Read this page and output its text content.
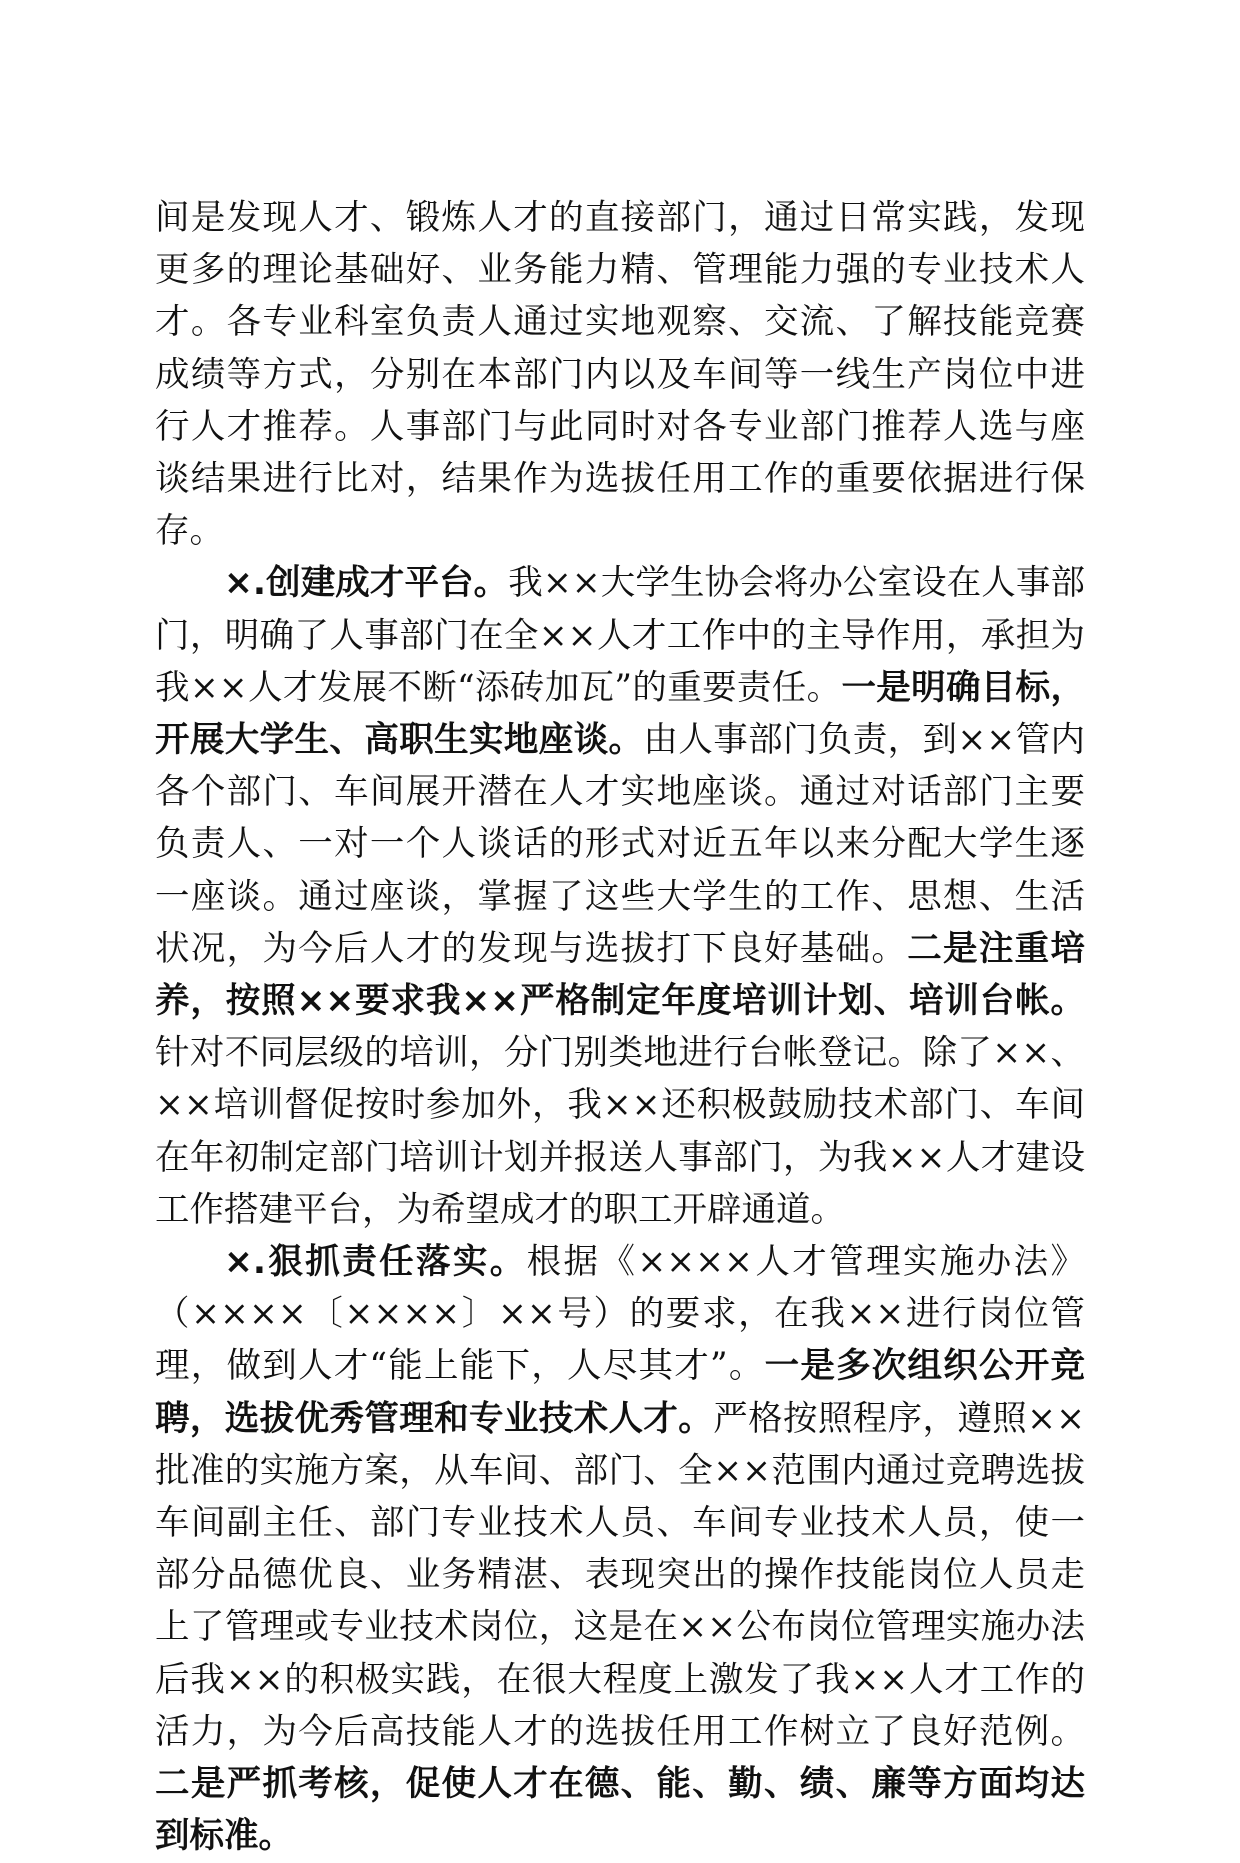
间是发现人才、锻炼人才的直接部门，通过日常实践，发现更多的理论基础好、业务能力精、管理能力强的专业技术人才。各专业科室负责人通过实地观察、交流、了解技能竞赛成绩等方式，分别在本部门内以及车间等一线生产岗位中进行人才推荐。人事部门与此同时对各专业部门推荐人选与座谈结果进行比对，结果作为选拔任用工作的重要依据进行保存。

×.创建成才平台。我××大学生协会将办公室设在人事部门，明确了人事部门在全××人才工作中的主导作用，承担为我××人才发展不断“添砖加瓦”的重要责任。一是明确目标，开展大学生、高职生实地座谈。由人事部门负责，到××管内各个部门、车间展开潜在人才实地座谈。通过对话部门主要负责人、一对一个人谈话的形式对近五年以来分配大学生逐一座谈。通过座谈，掌握了这些大学生的工作、思想、生活状况，为今后人才的发现与选拔打下良好基础。二是注重培养，按照××要求我××严格制定年度培训计划、培训台帐。针对不同层级的培训，分门别类地进行台帐登记。除了××、××培训督促按时参加外，我××还积极鼓励技术部门、车间在年初制定部门培训计划并报送人事部门，为我××人才建设工作搭建平台，为希望成才的职工开辟通道。

×.狠抓责任落实。根据《××××人才管理实施办法》（××××〔××××〕××号）的要求，在我××进行岗位管理，做到人才“能上能下，人尽其才”。一是多次组织公开竞聘，选拔优秀管理和专业技术人才。严格按照程序，遵照××批准的实施方案，从车间、部门、全××范围内通过竞聘选拔车间副主任、部门专业技术人员、车间专业技术人员，使一部分品德优良、业务精湛、表现突出的操作技能岗位人员走上了管理或专业技术岗位，这是在××公布岗位管理实施办法后我××的积极实践，在很大程度上激发了我××人才工作的活力，为今后高技能人才的选拔任用工作树立了良好范例。二是严抓考核，促使人才在德、能、勤、绩、廉等方面均达到标准。
